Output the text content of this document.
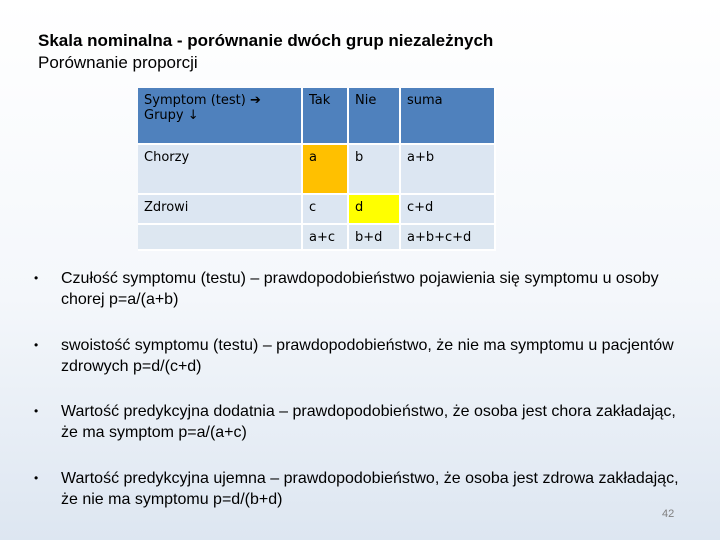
Skala nominalna - porównanie dwóch grup niezależnych
Porównanie proporcji
Symptom (test) ➔
Grupy ↓	Tak	Nie	suma
Chorzy	a	b	a+b
Zdrowi	c	d	c+d
	a+c	b+d	a+b+c+d
• Czułość symptomu (testu) – prawdopodobieństwo pojawienia się symptomu u osoby chorej p=a/(a+b)
• swoistość symptomu (testu) – prawdopodobieństwo, że nie ma symptomu u pacjentów zdrowych p=d/(c+d)
• Wartość predykcyjna dodatnia – prawdopodobieństwo, że osoba jest chora zakładając, że ma symptom p=a/(a+c)
• Wartość predykcyjna ujemna – prawdopodobieństwo, że osoba jest zdrowa zakładając, że nie ma symptomu p=d/(b+d)
42
